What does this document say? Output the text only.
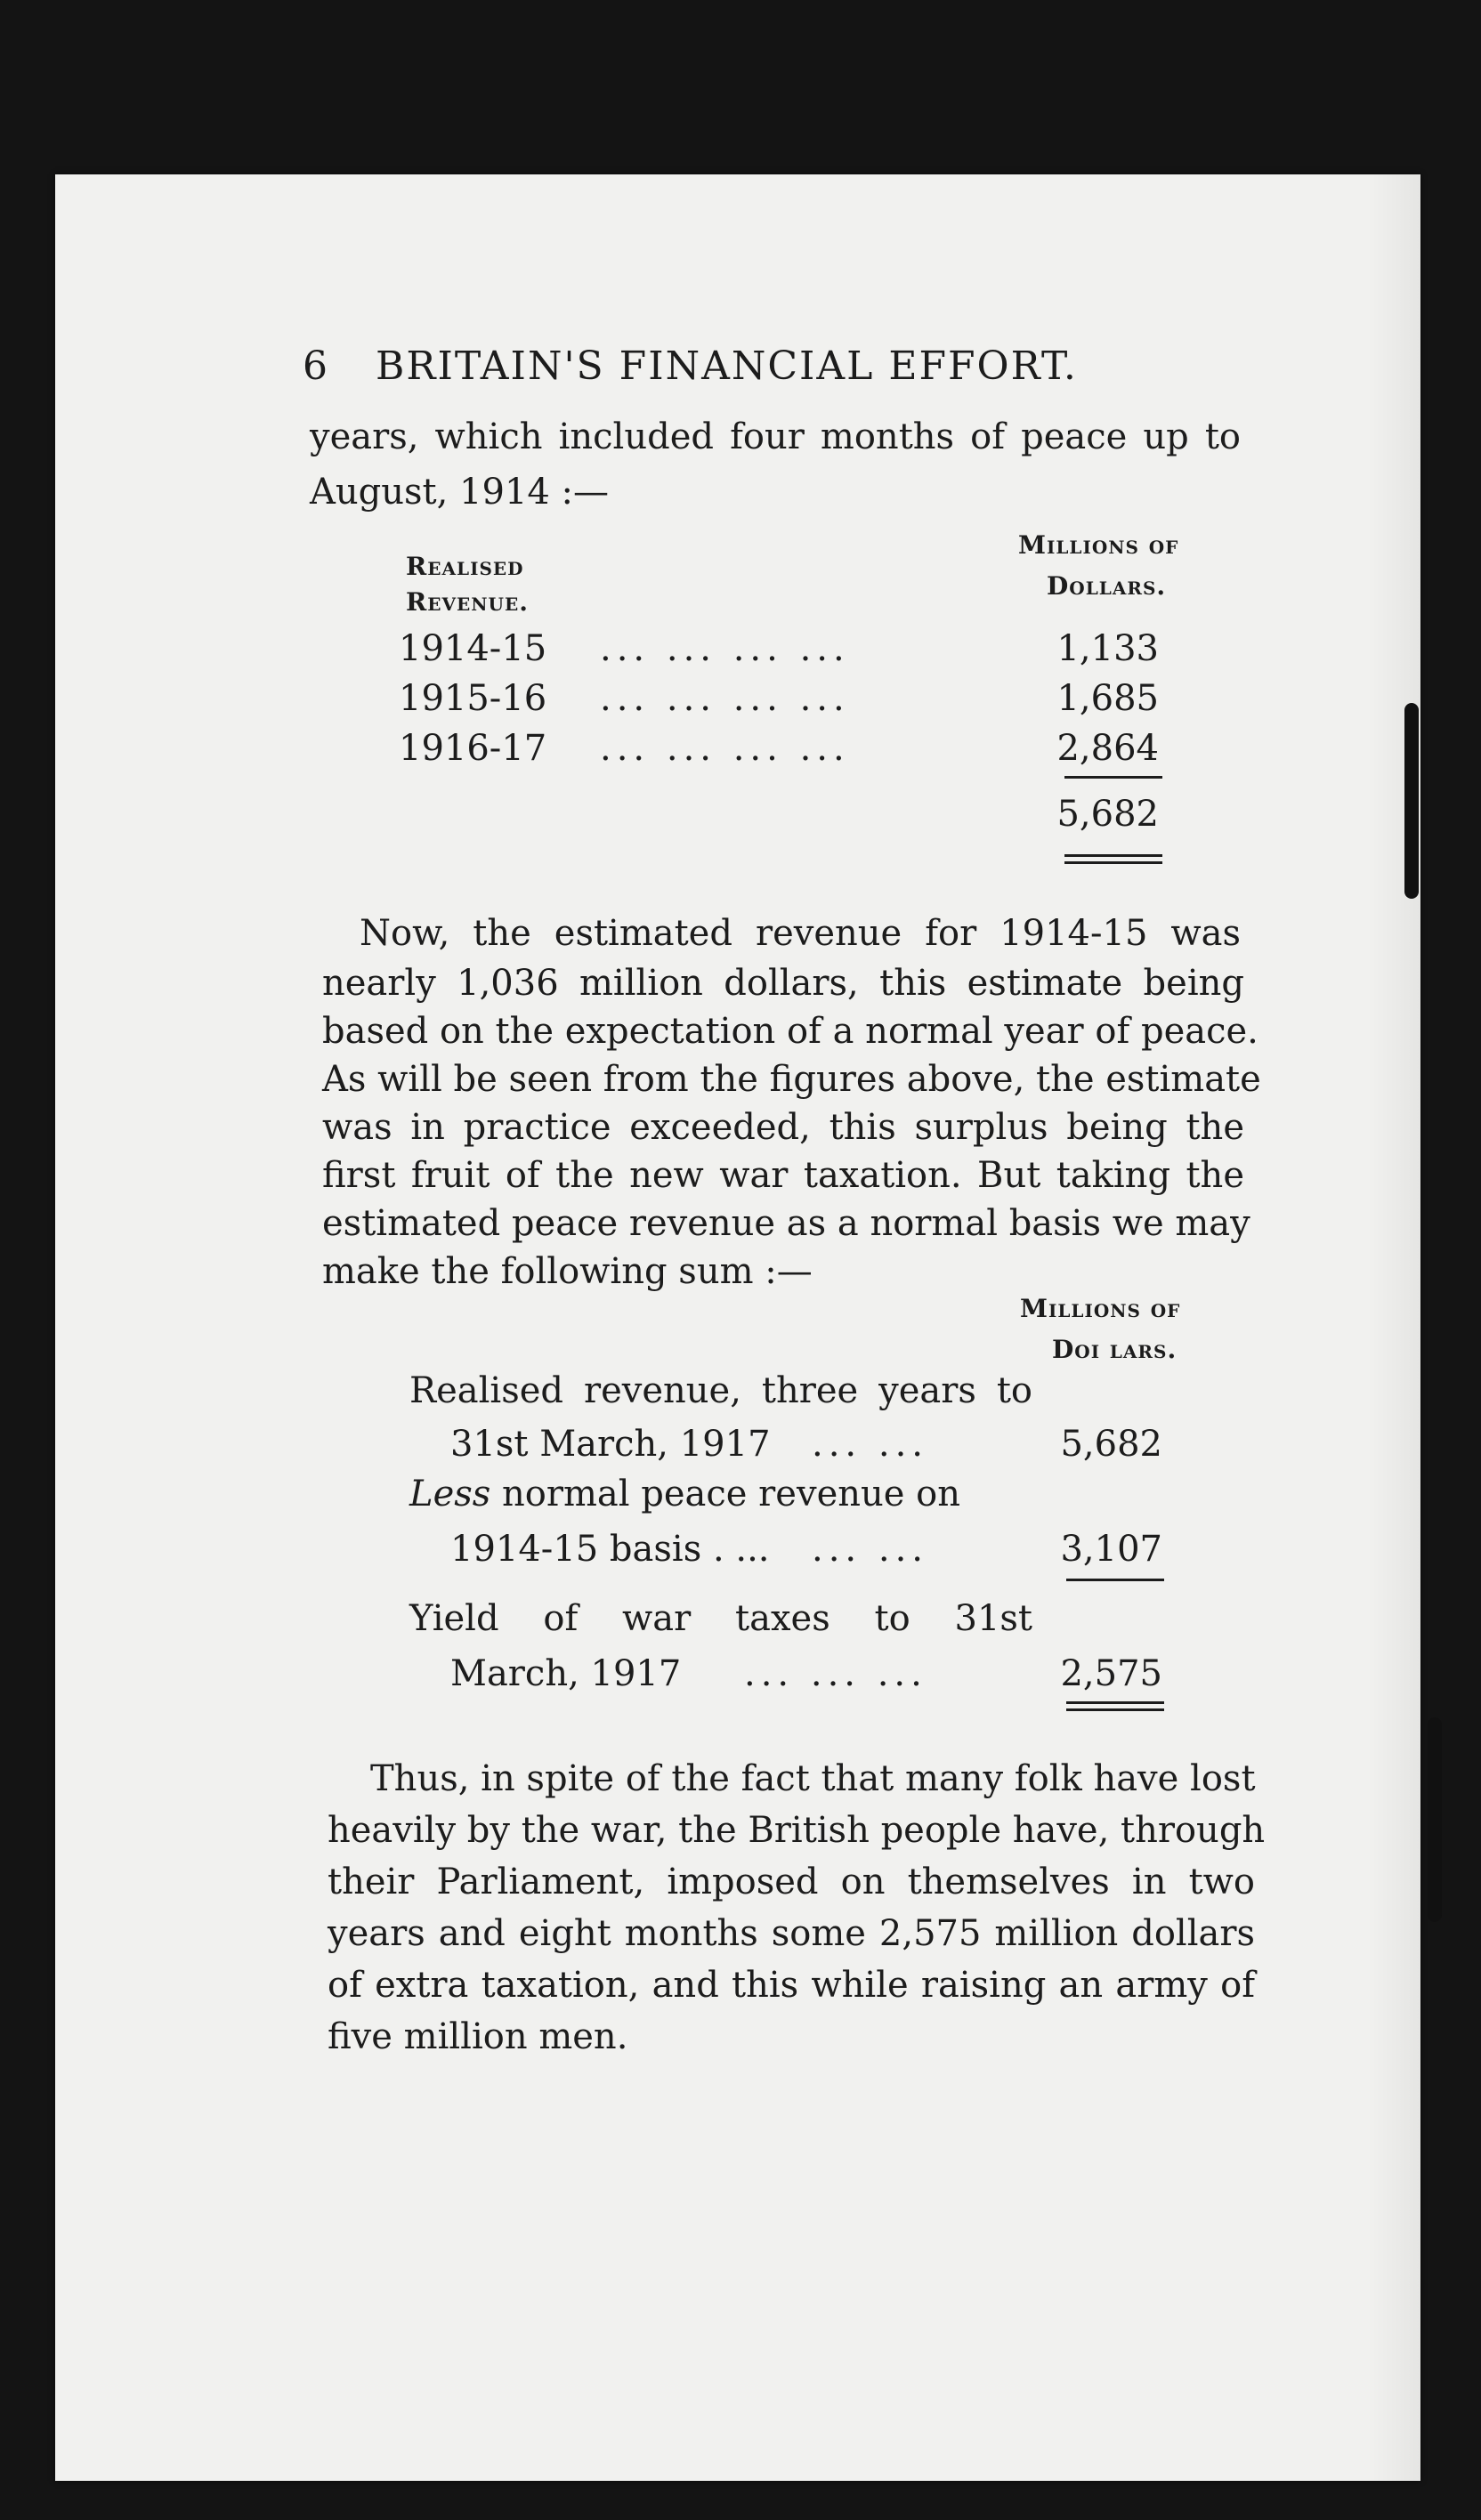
6 BRITAIN'S FINANCIAL EFFORT.
years, which included four months of peace up to
August, 1914 :—
Realised
Revenue.
Millions of
Dollars.
1914-15 ... ... ... ...	1,133
1915-16 ... ... ... ...	1,685
1916-17 ... ... ... ...	2,864
5,682
Now, the estimated revenue for 1914-15 was
nearly 1,036 million dollars, this estimate being
based on the expectation of a normal year of peace.
As will be seen from the figures above, the estimate
was in practice exceeded, this surplus being the
first fruit of the new war taxation. But taking the
estimated peace revenue as a normal basis we may
make the following sum :—
Millions of
Doi lars.
Realised revenue, three years to
31st March, 1917 ... ...	5,682
Less normal peace revenue on
1914-15 basis . ... ... ...	3,107
Yield of war taxes to 31st
March, 1917 ... ... ...	2,575
Thus, in spite of the fact that many folk have lost
heavily by the war, the British people have, through
their Parliament, imposed on themselves in two
years and eight months some 2,575 million dollars
of extra taxation, and this while raising an army of
five million men.
